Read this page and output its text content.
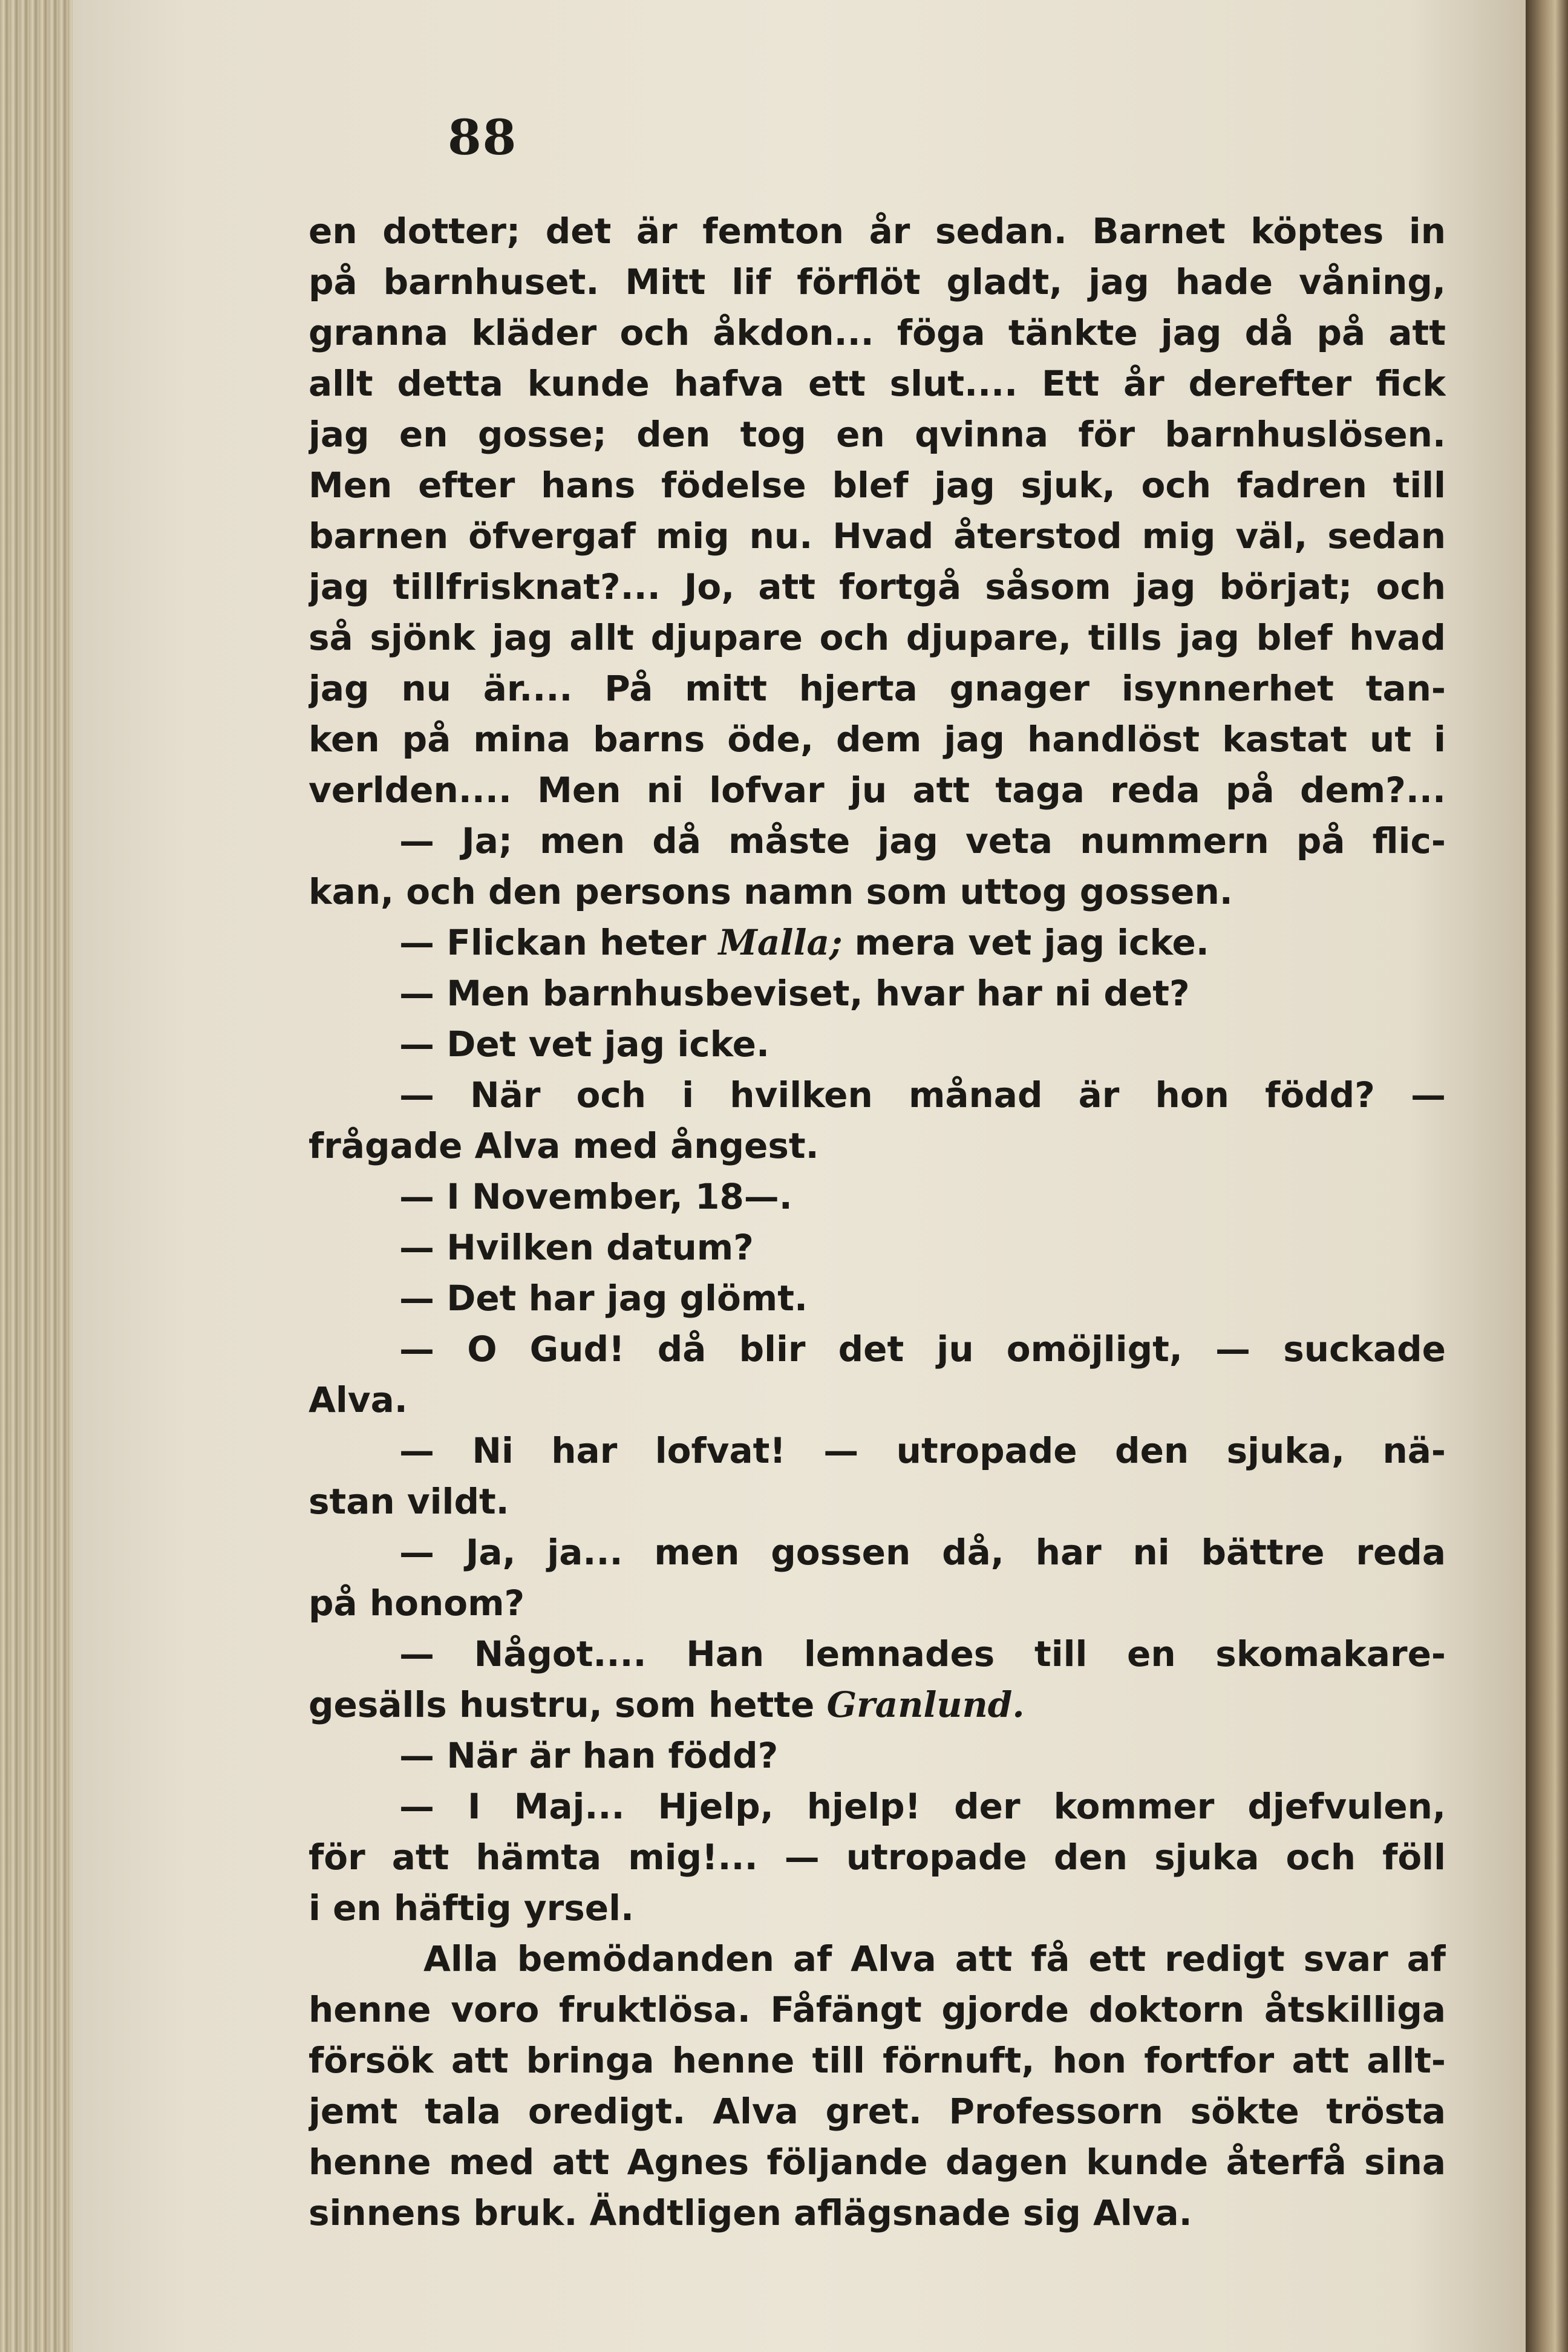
88
en dotter; det är femton år sedan. Barnet köptes in
på barnhuset. Mitt lif förflöt gladt, jag hade våning,
granna kläder och åkdon... föga tänkte jag då på att
allt detta kunde hafva ett slut.... Ett år derefter fick
jag en gosse; den tog en qvinna för barnhuslösen.
Men efter hans födelse blef jag sjuk, och fadren till
barnen öfvergaf mig nu. Hvad återstod mig väl, sedan
jag tillfrisknat?... Jo, att fortgå såsom jag börjat; och
så sjönk jag allt djupare och djupare, tills jag blef hvad
jag nu är.... På mitt hjerta gnager isynnerhet tan-
ken på mina barns öde, dem jag handlöst kastat ut i
verlden.... Men ni lofvar ju att taga reda på dem?...
— Ja; men då måste jag veta nummern på flic-
kan, och den persons namn som uttog gossen.
— Flickan heter Malla; mera vet jag icke.
— Men barnhusbeviset, hvar har ni det?
— Det vet jag icke.
— När och i hvilken månad är hon född? —
frågade Alva med ångest.
— I November, 18—.
— Hvilken datum?
— Det har jag glömt.
— O Gud! då blir det ju omöjligt, — suckade
Alva.
— Ni har lofvat! — utropade den sjuka, nä-
stan vildt.
— Ja, ja... men gossen då, har ni bättre reda
på honom?
— Något.... Han lemnades till en skomakare-
gesälls hustru, som hette Granlund.
— När är han född?
— I Maj... Hjelp, hjelp! der kommer djefvulen,
för att hämta mig!... — utropade den sjuka och föll
i en häftig yrsel.
Alla bemödanden af Alva att få ett redigt svar af
henne voro fruktlösa. Fåfängt gjorde doktorn åtskilliga
försök att bringa henne till förnuft, hon fortfor att allt-
jemt tala oredigt. Alva gret. Professorn sökte trösta
henne med att Agnes följande dagen kunde återfå sina
sinnens bruk. Ändtligen aflägsnade sig Alva.
